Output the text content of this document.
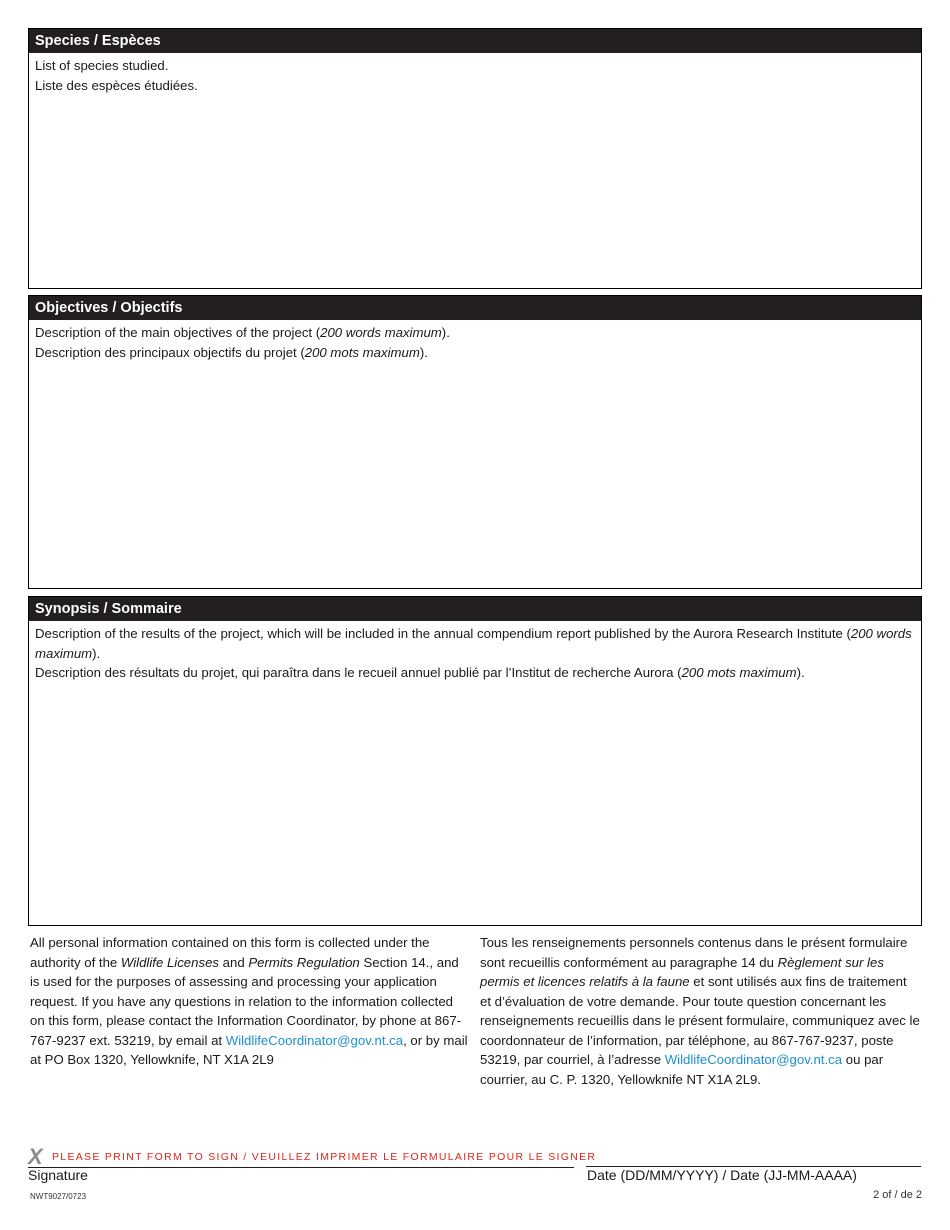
Species / Espèces
List of species studied.
Liste des espèces étudiées.
Objectives / Objectifs
Description of the main objectives of the project (200 words maximum).
Description des principaux objectifs du projet (200 mots maximum).
Synopsis / Sommaire
Description of the results of the project, which will be included in the annual compendium report published by the Aurora Research Institute (200 words maximum).
Description des résultats du projet, qui paraîtra dans le recueil annuel publié par l’Institut de recherche Aurora (200 mots maximum).
All personal information contained on this form is collected under the authority of the Wildlife Licenses and Permits Regulation Section 14., and is used for the purposes of assessing and processing your application request. If you have any questions in relation to the information collected on this form, please contact the Information Coordinator, by phone at 867-767-9237 ext. 53219, by email at WildlifeCoordinator@gov.nt.ca, or by mail at PO Box 1320, Yellowknife, NT X1A 2L9
Tous les renseignements personnels contenus dans le présent formulaire sont recueillis conformément au paragraphe 14 du Règlement sur les permis et licences relatifs à la faune et sont utilisés aux fins de traitement et d’évaluation de votre demande. Pour toute question concernant les renseignements recueillis dans le présent formulaire, communiquez avec le coordonnateur de l’information, par téléphone, au 867-767-9237, poste 53219, par courriel, à l’adresse WildlifeCoordinator@gov.nt.ca ou par courrier, au C. P. 1320, Yellowknife NT X1A 2L9.
X PLEASE PRINT FORM TO SIGN / VEUILLEZ IMPRIMER LE FORMULAIRE POUR LE SIGNER
Signature	Date (DD/MM/YYYY) / Date (JJ-MM-AAAA)
NWT9027/0723	2 of / de 2
